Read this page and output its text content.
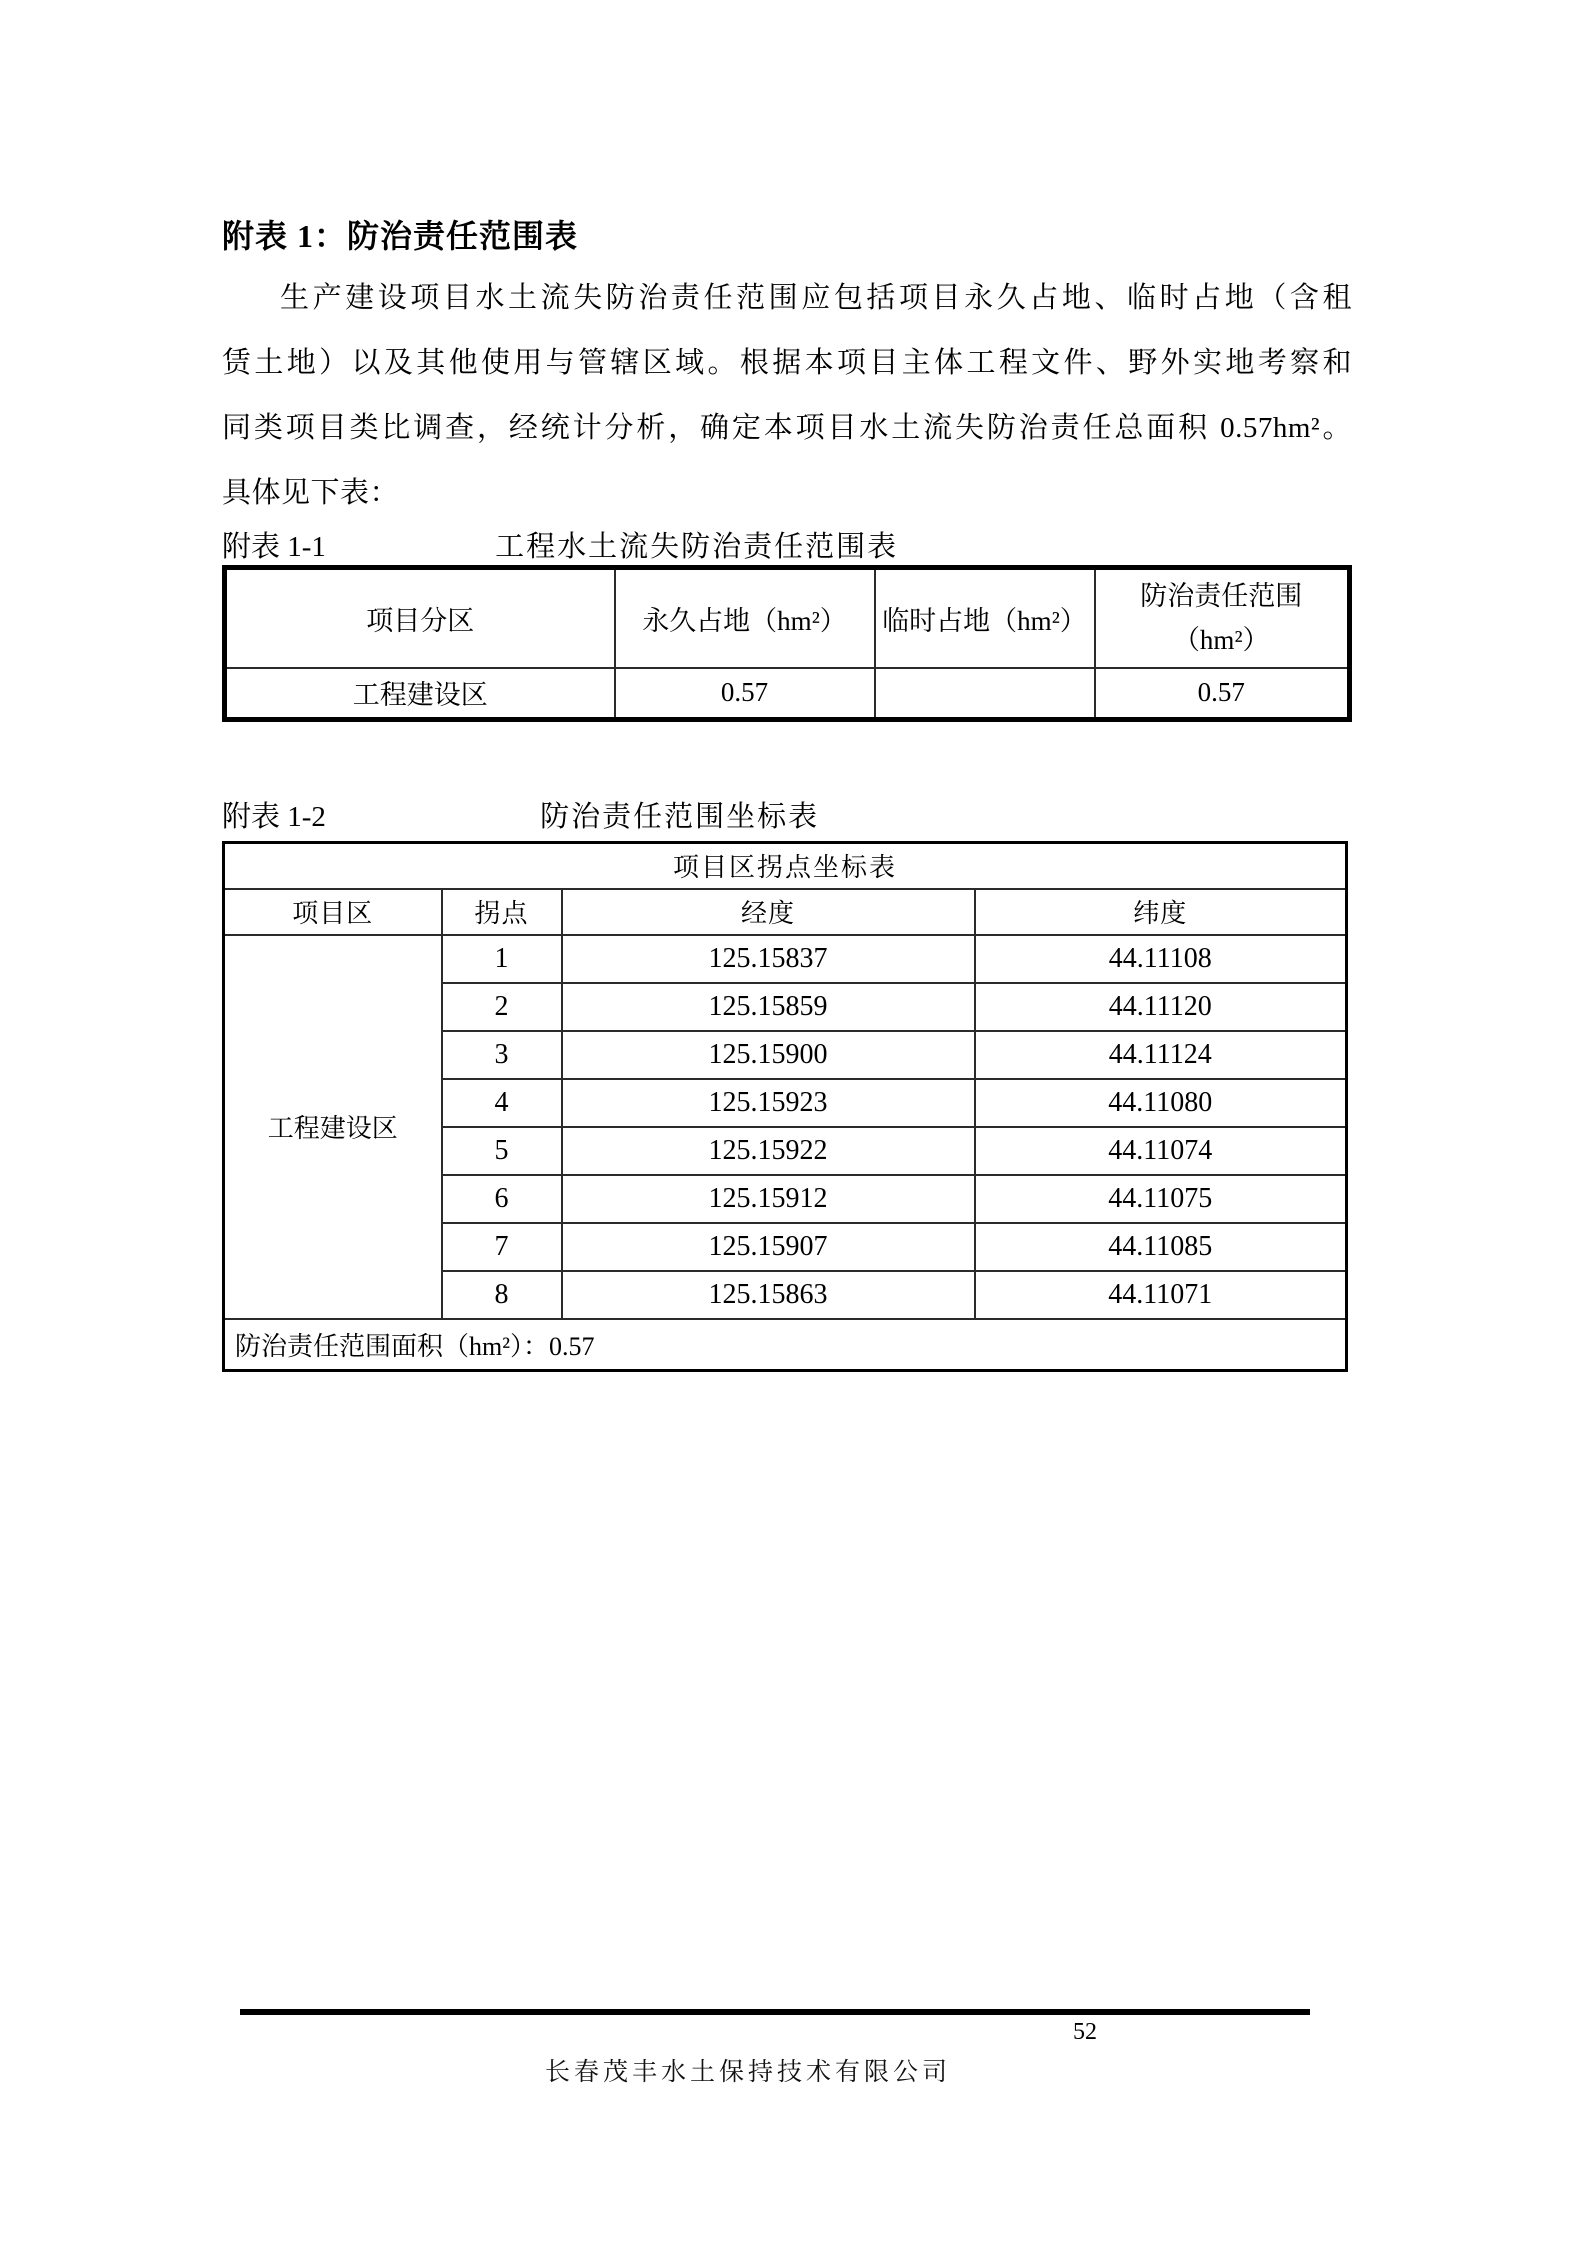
附表 1：防治责任范围表
生产建设项目水土流失防治责任范围应包括项目永久占地、临时占地（含租
赁土地）以及其他使用与管辖区域。根据本项目主体工程文件、野外实地考察和
同类项目类比调查，经统计分析，确定本项目水土流失防治责任总面积 0.57hm²。
具体见下表：
附表 1-1	工程水土流失防治责任范围表
项目分区	永久占地（hm²）	临时占地（hm²）	防治责任范围（hm²）
工程建设区	0.57		0.57
附表 1-2	防治责任范围坐标表
项目区拐点坐标表			
项目区	拐点	经度	纬度
工程建设区	1	125.15837	44.11108
	2	125.15859	44.11120
	3	125.15900	44.11124
	4	125.15923	44.11080
	5	125.15922	44.11074
	6	125.15912	44.11075
	7	125.15907	44.11085
	8	125.15863	44.11071
防治责任范围面积（hm²）：0.57			
52
长春茂丰水土保持技术有限公司
